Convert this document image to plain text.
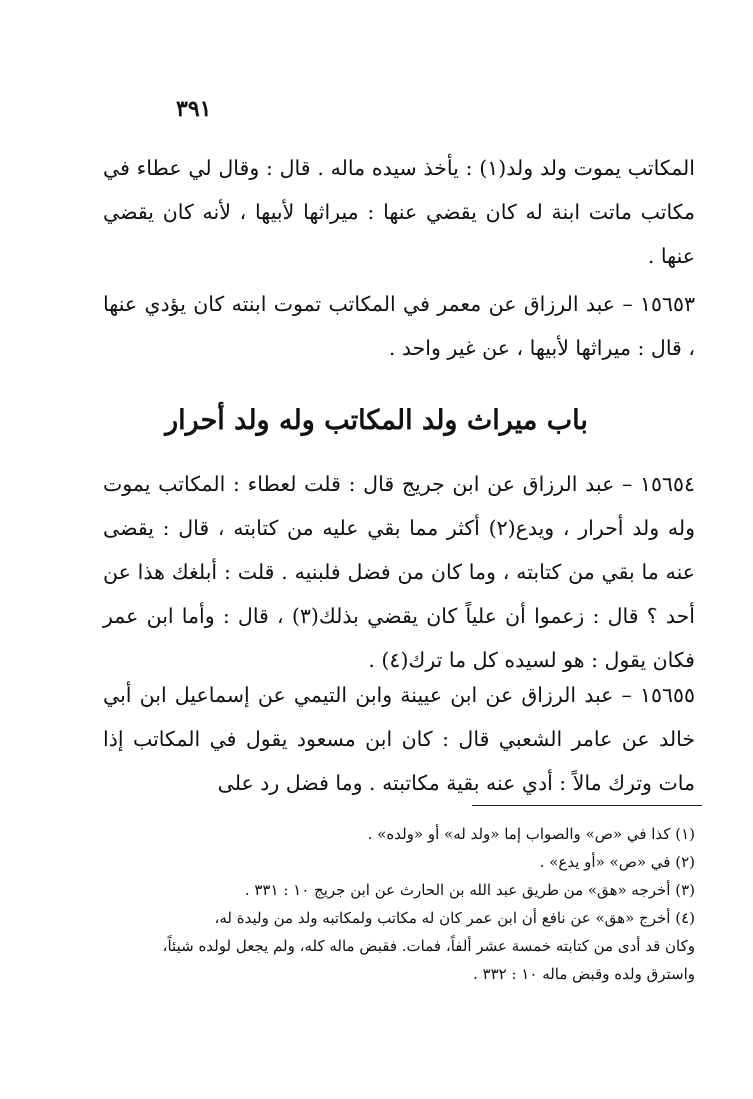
٣٩١
المكاتب يموت ولد ولد(١) : يأخذ سيده ماله . قال : وقال لي عطاء في مكاتب ماتت ابنة له كان يقضي عنها : ميراثها لأبيها ، لأنه كان يقضي عنها .
١٥٦٥٣ – عبد الرزاق عن معمر في المكاتب تموت ابنته كان يؤدي عنها ، قال : ميراثها لأبيها ، عن غير واحد .
باب ميراث ولد المكاتب وله ولد أحرار
١٥٦٥٤ – عبد الرزاق عن ابن جريج قال : قلت لعطاء : المكاتب يموت وله ولد أحرار ، ويدع(٢) أكثر مما بقي عليه من كتابته ، قال : يقضى عنه ما بقي من كتابته ، وما كان من فضل فلبنيه . قلت : أبلغك هذا عن أحد ؟ قال : زعموا أن علياً كان يقضي بذلك(٣) ، قال : وأما ابن عمر فكان يقول : هو لسيده كل ما ترك(٤) .
١٥٦٥٥ – عبد الرزاق عن ابن عيينة وابن التيمي عن إسماعيل ابن أبي خالد عن عامر الشعبي قال : كان ابن مسعود يقول في المكاتب إذا مات وترك مالاً : أدي عنه بقية مكاتبته . وما فضل رد على

(١) كذا في «ص» والصواب إما «ولد له» أو «ولده» .

(٢) في «ص» «أو يدع» .

(٣) أخرجه «هق» من طريق عبد الله بن الحارث عن ابن جريج ١٠ : ٣٣١ .

(٤) أخرج «هق» عن نافع أن ابن عمر كان له مكاتب ولمكاتبه ولد من وليدة له،

وكان قد أدى من كتابته خمسة عشر ألفاً، فمات. فقبض ماله كله، ولم يجعل لولده شيئاً،

واسترق ولده وقبض ماله ١٠ : ٣٣٢ .
